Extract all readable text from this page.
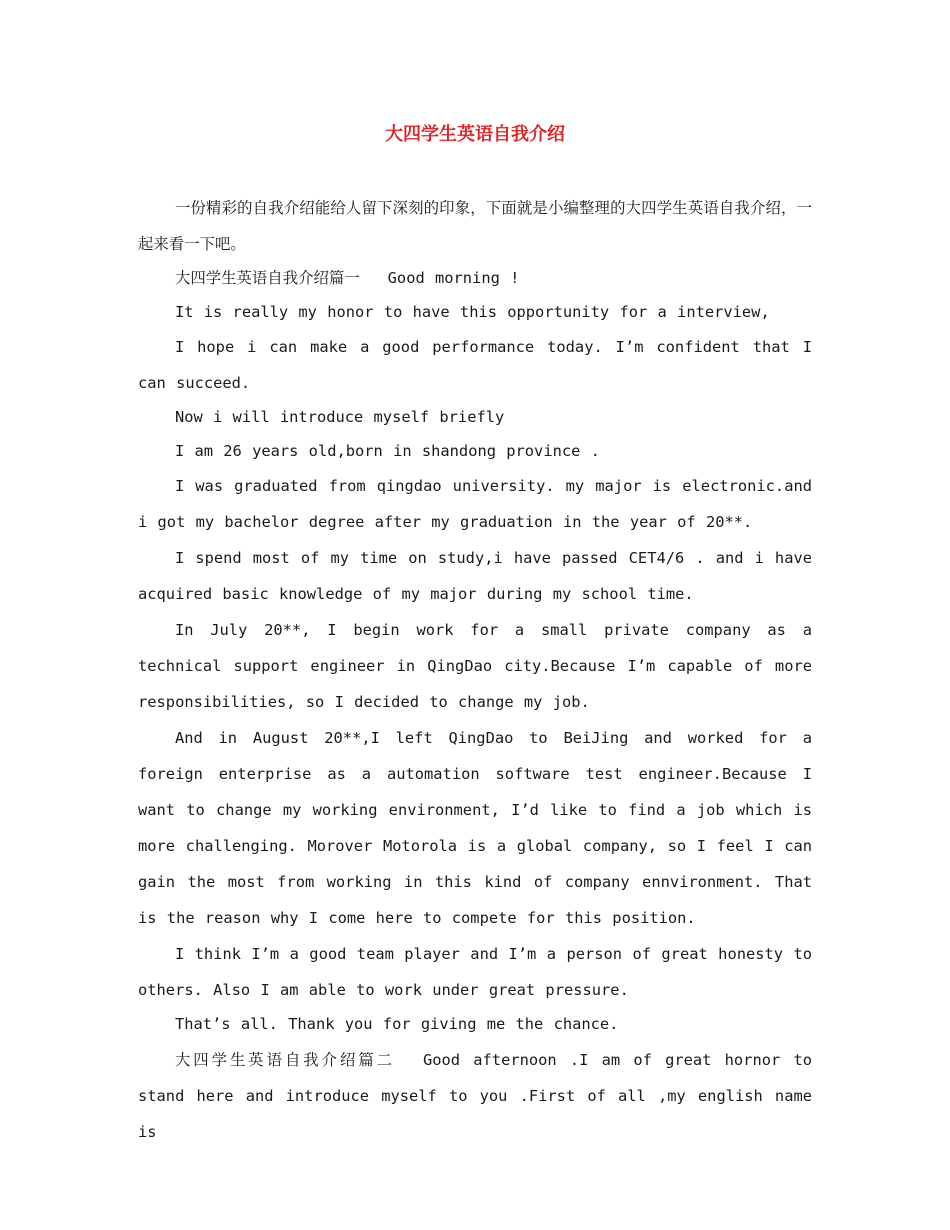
大四学生英语自我介绍

一份精彩的自我介绍能给人留下深刻的印象，下面就是小编整理的大四学生英语自我介绍，一起来看一下吧。

大四学生英语自我介绍篇一 Good morning !

It is really my honor to have this opportunity for a interview,

I hope i can make a good performance today. I’m confident that I can succeed.

Now i will introduce myself briefly

I am 26 years old,born in shandong province .

I was graduated from qingdao university. my major is electronic.and i got my bachelor degree after my graduation in the year of 20**.

I spend most of my time on study,i have passed CET4/6 . and i have acquired basic knowledge of my major during my school time.

In July 20**, I begin work for a small private company as a technical support engineer in QingDao city.Because I’m capable of more responsibilities, so I decided to change my job.

And in August 20**,I left QingDao to BeiJing and worked for a foreign enterprise as a automation software test engineer.Because I want to change my working environment, I’d like to find a job which is more challenging. Morover Motorola is a global company, so I feel I can gain the most from working in this kind of company ennvironment. That is the reason why I come here to compete for this position.

I think I’m a good team player and I’m a person of great honesty to others. Also I am able to work under great pressure.

That’s all. Thank you for giving me the chance.

大四学生英语自我介绍篇二 Good afternoon .I am of great hornor to stand here and introduce myself to you .First of all ,my english name is
